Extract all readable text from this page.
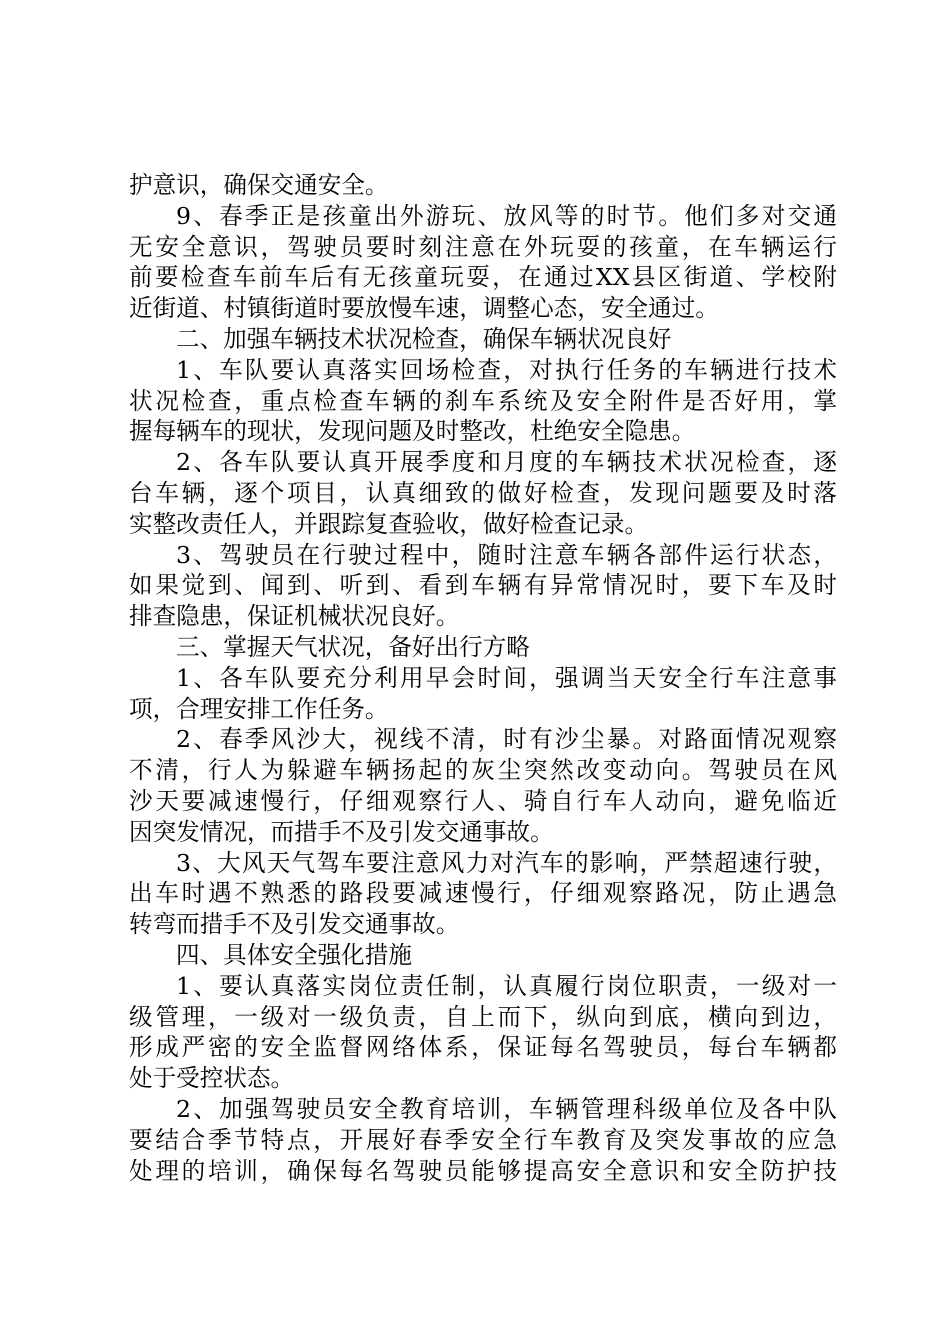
护意识，确保交通安全。
9、春季正是孩童出外游玩、放风等的时节。他们多对交通
无安全意识，驾驶员要时刻注意在外玩耍的孩童，在车辆运行
前要检查车前车后有无孩童玩耍，在通过XX县区街道、学校附
近街道、村镇街道时要放慢车速，调整心态，安全通过。
二、加强车辆技术状况检查，确保车辆状况良好
1、车队要认真落实回场检查，对执行任务的车辆进行技术
状况检查，重点检查车辆的刹车系统及安全附件是否好用，掌
握每辆车的现状，发现问题及时整改，杜绝安全隐患。
2、各车队要认真开展季度和月度的车辆技术状况检查，逐
台车辆，逐个项目，认真细致的做好检查，发现问题要及时落
实整改责任人，并跟踪复查验收，做好检查记录。
3、驾驶员在行驶过程中，随时注意车辆各部件运行状态，
如果觉到、闻到、听到、看到车辆有异常情况时，要下车及时
排查隐患，保证机械状况良好。
三、掌握天气状况，备好出行方略
1、各车队要充分利用早会时间，强调当天安全行车注意事
项，合理安排工作任务。
2、春季风沙大，视线不清，时有沙尘暴。对路面情况观察
不清，行人为躲避车辆扬起的灰尘突然改变动向。驾驶员在风
沙天要减速慢行，仔细观察行人、骑自行车人动向，避免临近
因突发情况，而措手不及引发交通事故。
3、大风天气驾车要注意风力对汽车的影响，严禁超速行驶，
出车时遇不熟悉的路段要减速慢行，仔细观察路况，防止遇急
转弯而措手不及引发交通事故。
四、具体安全强化措施
1、要认真落实岗位责任制，认真履行岗位职责，一级对一
级管理，一级对一级负责，自上而下，纵向到底，横向到边，
形成严密的安全监督网络体系，保证每名驾驶员，每台车辆都
处于受控状态。
2、加强驾驶员安全教育培训，车辆管理科级单位及各中队
要结合季节特点，开展好春季安全行车教育及突发事故的应急
处理的培训，确保每名驾驶员能够提高安全意识和安全防护技
